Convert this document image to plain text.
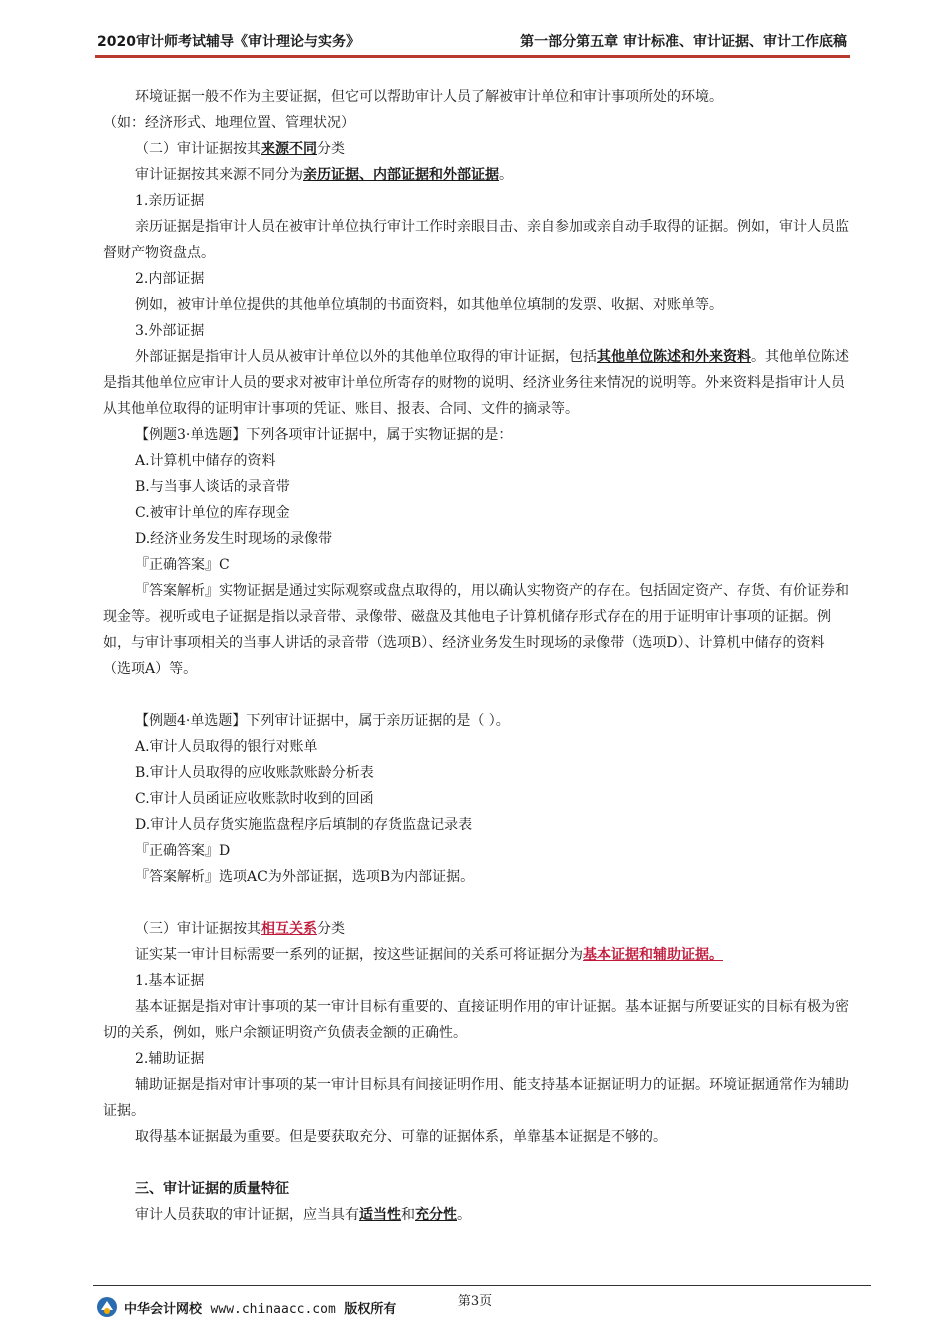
2020审计师考试辅导《审计理论与实务》	第一部分第五章 审计标准、审计证据、审计工作底稿

环境证据一般不作为主要证据，但它可以帮助审计人员了解被审计单位和审计事项所处的环境。

（如：经济形式、地理位置、管理状况）

（二）审计证据按其来源不同分类

审计证据按其来源不同分为亲历证据、内部证据和外部证据。

1.亲历证据

亲历证据是指审计人员在被审计单位执行审计工作时亲眼目击、亲自参加或亲自动手取得的证据。例如，审计人员监督财产物资盘点。

2.内部证据

例如，被审计单位提供的其他单位填制的书面资料，如其他单位填制的发票、收据、对账单等。

3.外部证据

外部证据是指审计人员从被审计单位以外的其他单位取得的审计证据，包括其他单位陈述和外来资料。其他单位陈述是指其他单位应审计人员的要求对被审计单位所寄存的财物的说明、经济业务往来情况的说明等。外来资料是指审计人员从其他单位取得的证明审计事项的凭证、账目、报表、合同、文件的摘录等。

【例题3·单选题】下列各项审计证据中，属于实物证据的是：

A.计算机中储存的资料

B.与当事人谈话的录音带

C.被审计单位的库存现金

D.经济业务发生时现场的录像带

『正确答案』C

『答案解析』实物证据是通过实际观察或盘点取得的，用以确认实物资产的存在。包括固定资产、存货、有价证券和现金等。视听或电子证据是指以录音带、录像带、磁盘及其他电子计算机储存形式存在的用于证明审计事项的证据。例如，与审计事项相关的当事人讲话的录音带（选项B）、经济业务发生时现场的录像带（选项D）、计算机中储存的资料（选项A）等。

【例题4·单选题】下列审计证据中，属于亲历证据的是（ ）。

A.审计人员取得的银行对账单

B.审计人员取得的应收账款账龄分析表

C.审计人员函证应收账款时收到的回函

D.审计人员存货实施监盘程序后填制的存货监盘记录表

『正确答案』D

『答案解析』选项AC为外部证据，选项B为内部证据。

（三）审计证据按其相互关系分类

证实某一审计目标需要一系列的证据，按这些证据间的关系可将证据分为基本证据和辅助证据。

1.基本证据

基本证据是指对审计事项的某一审计目标有重要的、直接证明作用的审计证据。基本证据与所要证实的目标有极为密切的关系，例如，账户余额证明资产负债表金额的正确性。

2.辅助证据

辅助证据是指对审计事项的某一审计目标具有间接证明作用、能支持基本证据证明力的证据。环境证据通常作为辅助证据。

取得基本证据最为重要。但是要获取充分、可靠的证据体系，单靠基本证据是不够的。

三、审计证据的质量特征

审计人员获取的审计证据，应当具有适当性和充分性。

第3页
中华会计网校 www.chinaacc.com 版权所有
